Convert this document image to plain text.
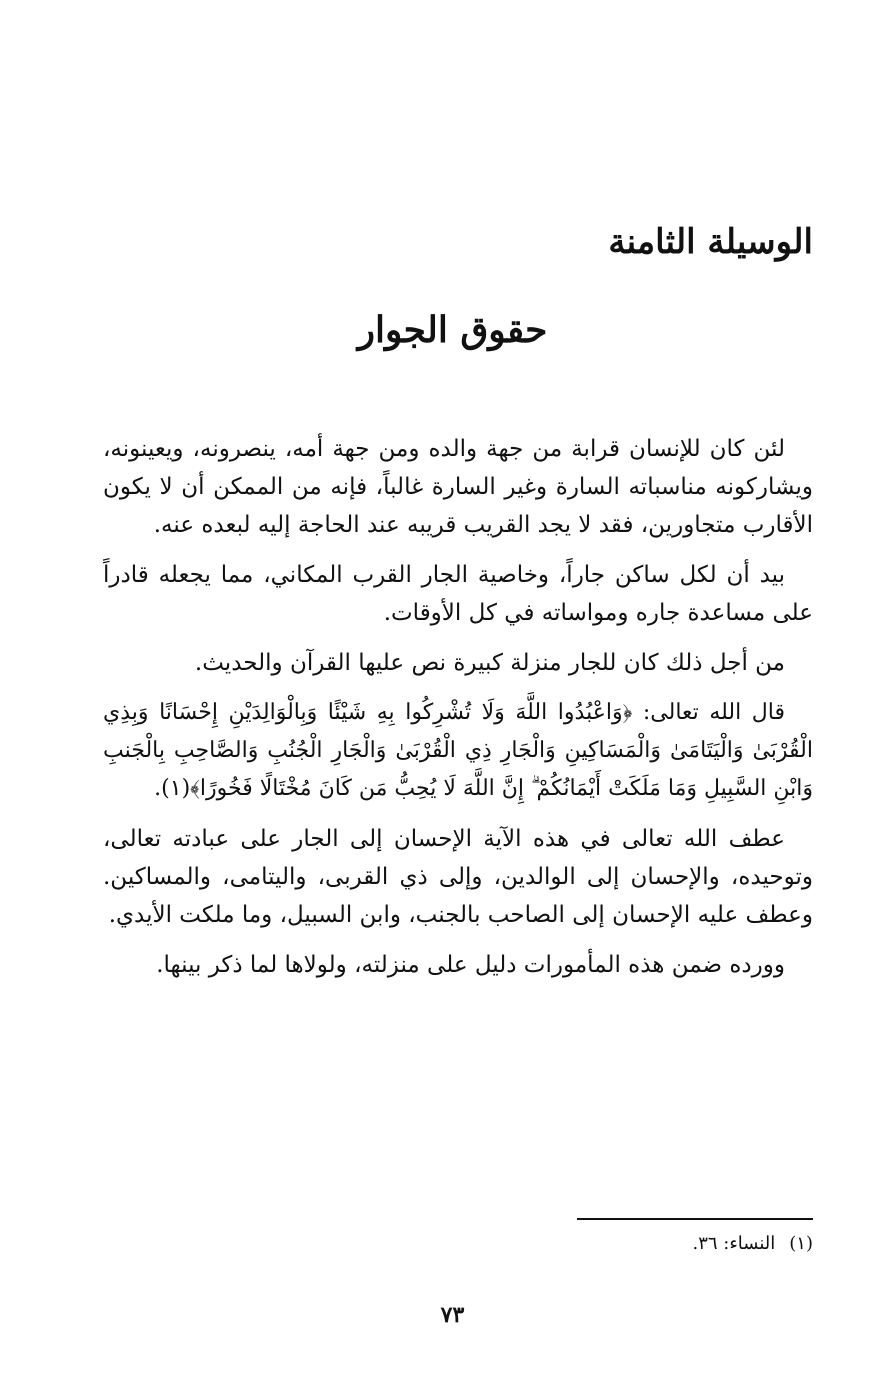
الوسيلة الثامنة
حقوق الجوار

لئن كان للإنسان قرابة من جهة والده ومن جهة أمه، ينصرونه، ويعينونه، ويشاركونه مناسباته السارة وغير السارة غالباً، فإنه من الممكن أن لا يكون الأقارب متجاورين، فقد لا يجد القريب قريبه عند الحاجة إليه لبعده عنه.

بيد أن لكل ساكن جاراً، وخاصية الجار القرب المكاني، مما يجعله قادراً على مساعدة جاره ومواساته في كل الأوقات.

من أجل ذلك كان للجار منزلة كبيرة نص عليها القرآن والحديث.

قال الله تعالى: ﴿وَاعْبُدُوا اللَّهَ وَلَا تُشْرِكُوا بِهِ شَيْئًا وَبِالْوَالِدَيْنِ إِحْسَانًا وَبِذِي الْقُرْبَىٰ وَالْيَتَامَىٰ وَالْمَسَاكِينِ وَالْجَارِ ذِي الْقُرْبَىٰ وَالْجَارِ الْجُنُبِ وَالصَّاحِبِ بِالْجَنبِ وَابْنِ السَّبِيلِ وَمَا مَلَكَتْ أَيْمَانُكُمْ ۗ إِنَّ اللَّهَ لَا يُحِبُّ مَن كَانَ مُخْتَالًا فَخُورًا﴾(١).

عطف الله تعالى في هذه الآية الإحسان إلى الجار على عبادته تعالى، وتوحيده، والإحسان إلى الوالدين، وإلى ذي القربى، واليتامى، والمساكين. وعطف عليه الإحسان إلى الصاحب بالجنب، وابن السبيل، وما ملكت الأيدي.

وورده ضمن هذه المأمورات دليل على منزلته، ولولاها لما ذكر بينها.

(١)النساء: ٣٦.
٧٣
